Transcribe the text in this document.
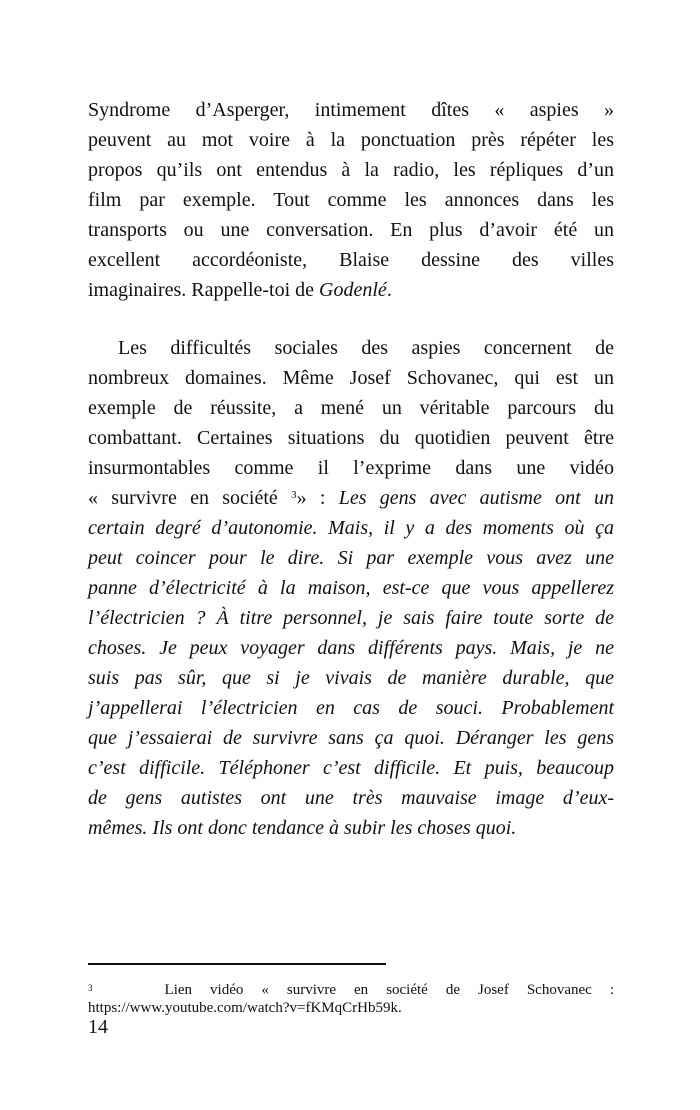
Syndrome d’Asperger, intimement dîtes « aspies »
peuvent au mot voire à la ponctuation près répéter les
propos qu’ils ont entendus à la radio, les répliques d’un
film par exemple. Tout comme les annonces dans les
transports ou une conversation. En plus d’avoir été un
excellent accordéoniste, Blaise dessine des villes
imaginaires. Rappelle-toi de Godenlé.
Les difficultés sociales des aspies concernent de
nombreux domaines. Même Josef Schovanec, qui est un
exemple de réussite, a mené un véritable parcours du
combattant. Certaines situations du quotidien peuvent être
insurmontables comme il l’exprime dans une vidéo
« survivre en société $^3$» : Les gens avec autisme ont un
certain degré d’autonomie. Mais, il y a des moments où ça
peut coincer pour le dire. Si par exemple vous avez une
panne d’électricité à la maison, est-ce que vous appellerez
l’électricien ? À titre personnel, je sais faire toute sorte de
choses. Je peux voyager dans différents pays. Mais, je ne
suis pas sûr, que si je vivais de manière durable, que
j’appellerai l’électricien en cas de souci. Probablement
que j’essaierai de survivre sans ça quoi. Déranger les gens
c’est difficile. Téléphoner c’est difficile. Et puis, beaucoup
de gens autistes ont une très mauvaise image d’eux-
mêmes. Ils ont donc tendance à subir les choses quoi.
$^3$	Lien vidéo « survivre en société de Josef Schovanec :
https://www.youtube.com/watch?v=fKMqCrHb59k.
14
